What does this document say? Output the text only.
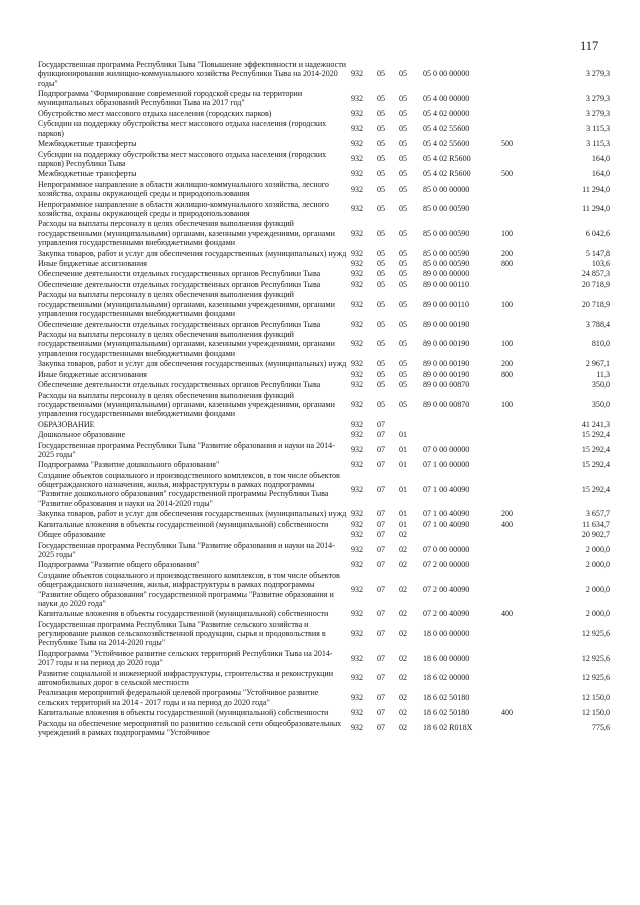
117
Государственная программа Республики Тыва "Повышение эффективности и надежности функционирования жилищно-коммунального хозяйства Республики Тыва на 2014-2020 годы"	932	05	05	05 0 00 00000		3 279,3
Подпрограмма "Формирование современной городской среды на территории муниципальных образований Республики Тыва на 2017 год"	932	05	05	05 4 00 00000		3 279,3
Обустройство мест массового отдыха населения (городских парков)	932	05	05	05 4 02 00000		3 279,3
Субсидии на поддержку обустройства мест массового отдыха населения (городских парков)	932	05	05	05 4 02 55600		3 115,3
Межбюджетные трансферты	932	05	05	05 4 02 55600	500	3 115,3
Субсидии на поддержку обустройства мест массового отдыха населения (городских парков) Республики Тыва	932	05	05	05 4 02 R5600		164,0
Межбюджетные трансферты	932	05	05	05 4 02 R5600	500	164,0
Непрограммное направление в области жилищно-коммунального хозяйства, лесного хозяйства, охраны окружающей среды и природопользования	932	05	05	85 0 00 00000		11 294,0
Непрограммное направление в области жилищно-коммунального хозяйства, лесного хозяйства, охраны окружающей среды и природопользования	932	05	05	85 0 00 00590		11 294,0
Расходы на выплаты персоналу в целях обеспечения выполнения функций государственными (муниципальными) органами, казенными учреждениями, органами управления государственными внебюджетными фондами	932	05	05	85 0 00 00590	100	6 042,6
Закупка товаров, работ и услуг для обеспечения государственных (муниципальных) нужд	932	05	05	85 0 00 00590	200	5 147,8
Иные бюджетные ассигнования	932	05	05	85 0 00 00590	800	103,6
Обеспечение деятельности отдельных государственных органов Республики Тыва	932	05	05	89 0 00 00000		24 857,3
Обеспечение деятельности отдельных государственных органов Республики Тыва	932	05	05	89 0 00 00110		20 718,9
Расходы на выплаты персоналу в целях обеспечения выполнения функций государственными (муниципальными) органами, казенными учреждениями, органами управления государственными внебюджетными фондами	932	05	05	89 0 00 00110	100	20 718,9
Обеспечение деятельности отдельных государственных органов Республики Тыва	932	05	05	89 0 00 00190		3 788,4
Расходы на выплаты персоналу в целях обеспечения выполнения функций государственными (муниципальными) органами, казенными учреждениями, органами управления государственными внебюджетными фондами	932	05	05	89 0 00 00190	100	810,0
Закупка товаров, работ и услуг для обеспечения государственных (муниципальных) нужд	932	05	05	89 0 00 00190	200	2 967,1
Иные бюджетные ассигнования	932	05	05	89 0 00 00190	800	11,3
Обеспечение деятельности отдельных государственных органов Республики Тыва	932	05	05	89 0 00 00870		350,0
Расходы на выплаты персоналу в целях обеспечения выполнения функций государственными (муниципальными) органами, казенными учреждениями, органами управления государственными внебюджетными фондами	932	05	05	89 0 00 00870	100	350,0
ОБРАЗОВАНИЕ	932	07				41 241,3
Дошкольное образование	932	07	01			15 292,4
Государственная программа Республики Тыва "Развитие образования и науки на 2014-2025 годы"	932	07	01	07 0 00 00000		15 292,4
Подпрограмма "Развитие дошкольного образования"	932	07	01	07 1 00 00000		15 292,4
Создание объектов социального и производственного комплексов, в том числе объектов общегражданского назначения, жилья, инфраструктуры в рамках подпрограммы "Развитие дошкольного образования" государственной программы Республики Тыва "Развитие образования и науки на 2014-2020 годы"	932	07	01	07 1 00 40090		15 292,4
Закупка товаров, работ и услуг для обеспечения государственных (муниципальных) нужд	932	07	01	07 1 00 40090	200	3 657,7
Капитальные вложения в объекты государственной (муниципальной) собственности	932	07	01	07 1 00 40090	400	11 634,7
Общее образование	932	07	02			20 902,7
Государственная программа Республики Тыва "Развитие образования и науки на 2014-2025 годы"	932	07	02	07 0 00 00000		2 000,0
Подпрограмма "Развитие общего образования"	932	07	02	07 2 00 00000		2 000,0
Создание объектов социального и производственного комплексов, в том числе объектов общегражданского назначения, жилья, инфраструктуры в рамках подпрограммы "Развитие общего образования" государственной программы "Развитие образования и науки до 2020 года"	932	07	02	07 2 00 40090		2 000,0
Капитальные вложения в объекты государственной (муниципальной) собственности	932	07	02	07 2 00 40090	400	2 000,0
Государственная программа Республики Тыва "Развитие сельского хозяйства и регулирование рынков сельскохозяйственной продукции, сырья и продовольствия в Республике Тыва на 2014-2020 годы"	932	07	02	18 0 00 00000		12 925,6
Подпрограмма "Устойчивое развитие сельских территорий Республики Тыва на 2014-2017 годы и на период до 2020 года"	932	07	02	18 6 00 00000		12 925,6
Развитие социальной и инженерной инфраструктуры, строительства и реконструкции автомобильных дорог в сельской местности	932	07	02	18 6 02 00000		12 925,6
Реализация мероприятий федеральной целевой программы "Устойчивое развитие сельских территорий на 2014 - 2017 годы и на период до 2020 года"	932	07	02	18 6 02 50180		12 150,0
Капитальные вложения в объекты государственной (муниципальной) собственности	932	07	02	18 6 02 50180	400	12 150,0
Расходы на обеспечение мероприятий по развитию сельской сети общеобразовательных учреждений в рамках подпрограммы "Устойчивое	932	07	02	18 6 02 R018X		775,6
